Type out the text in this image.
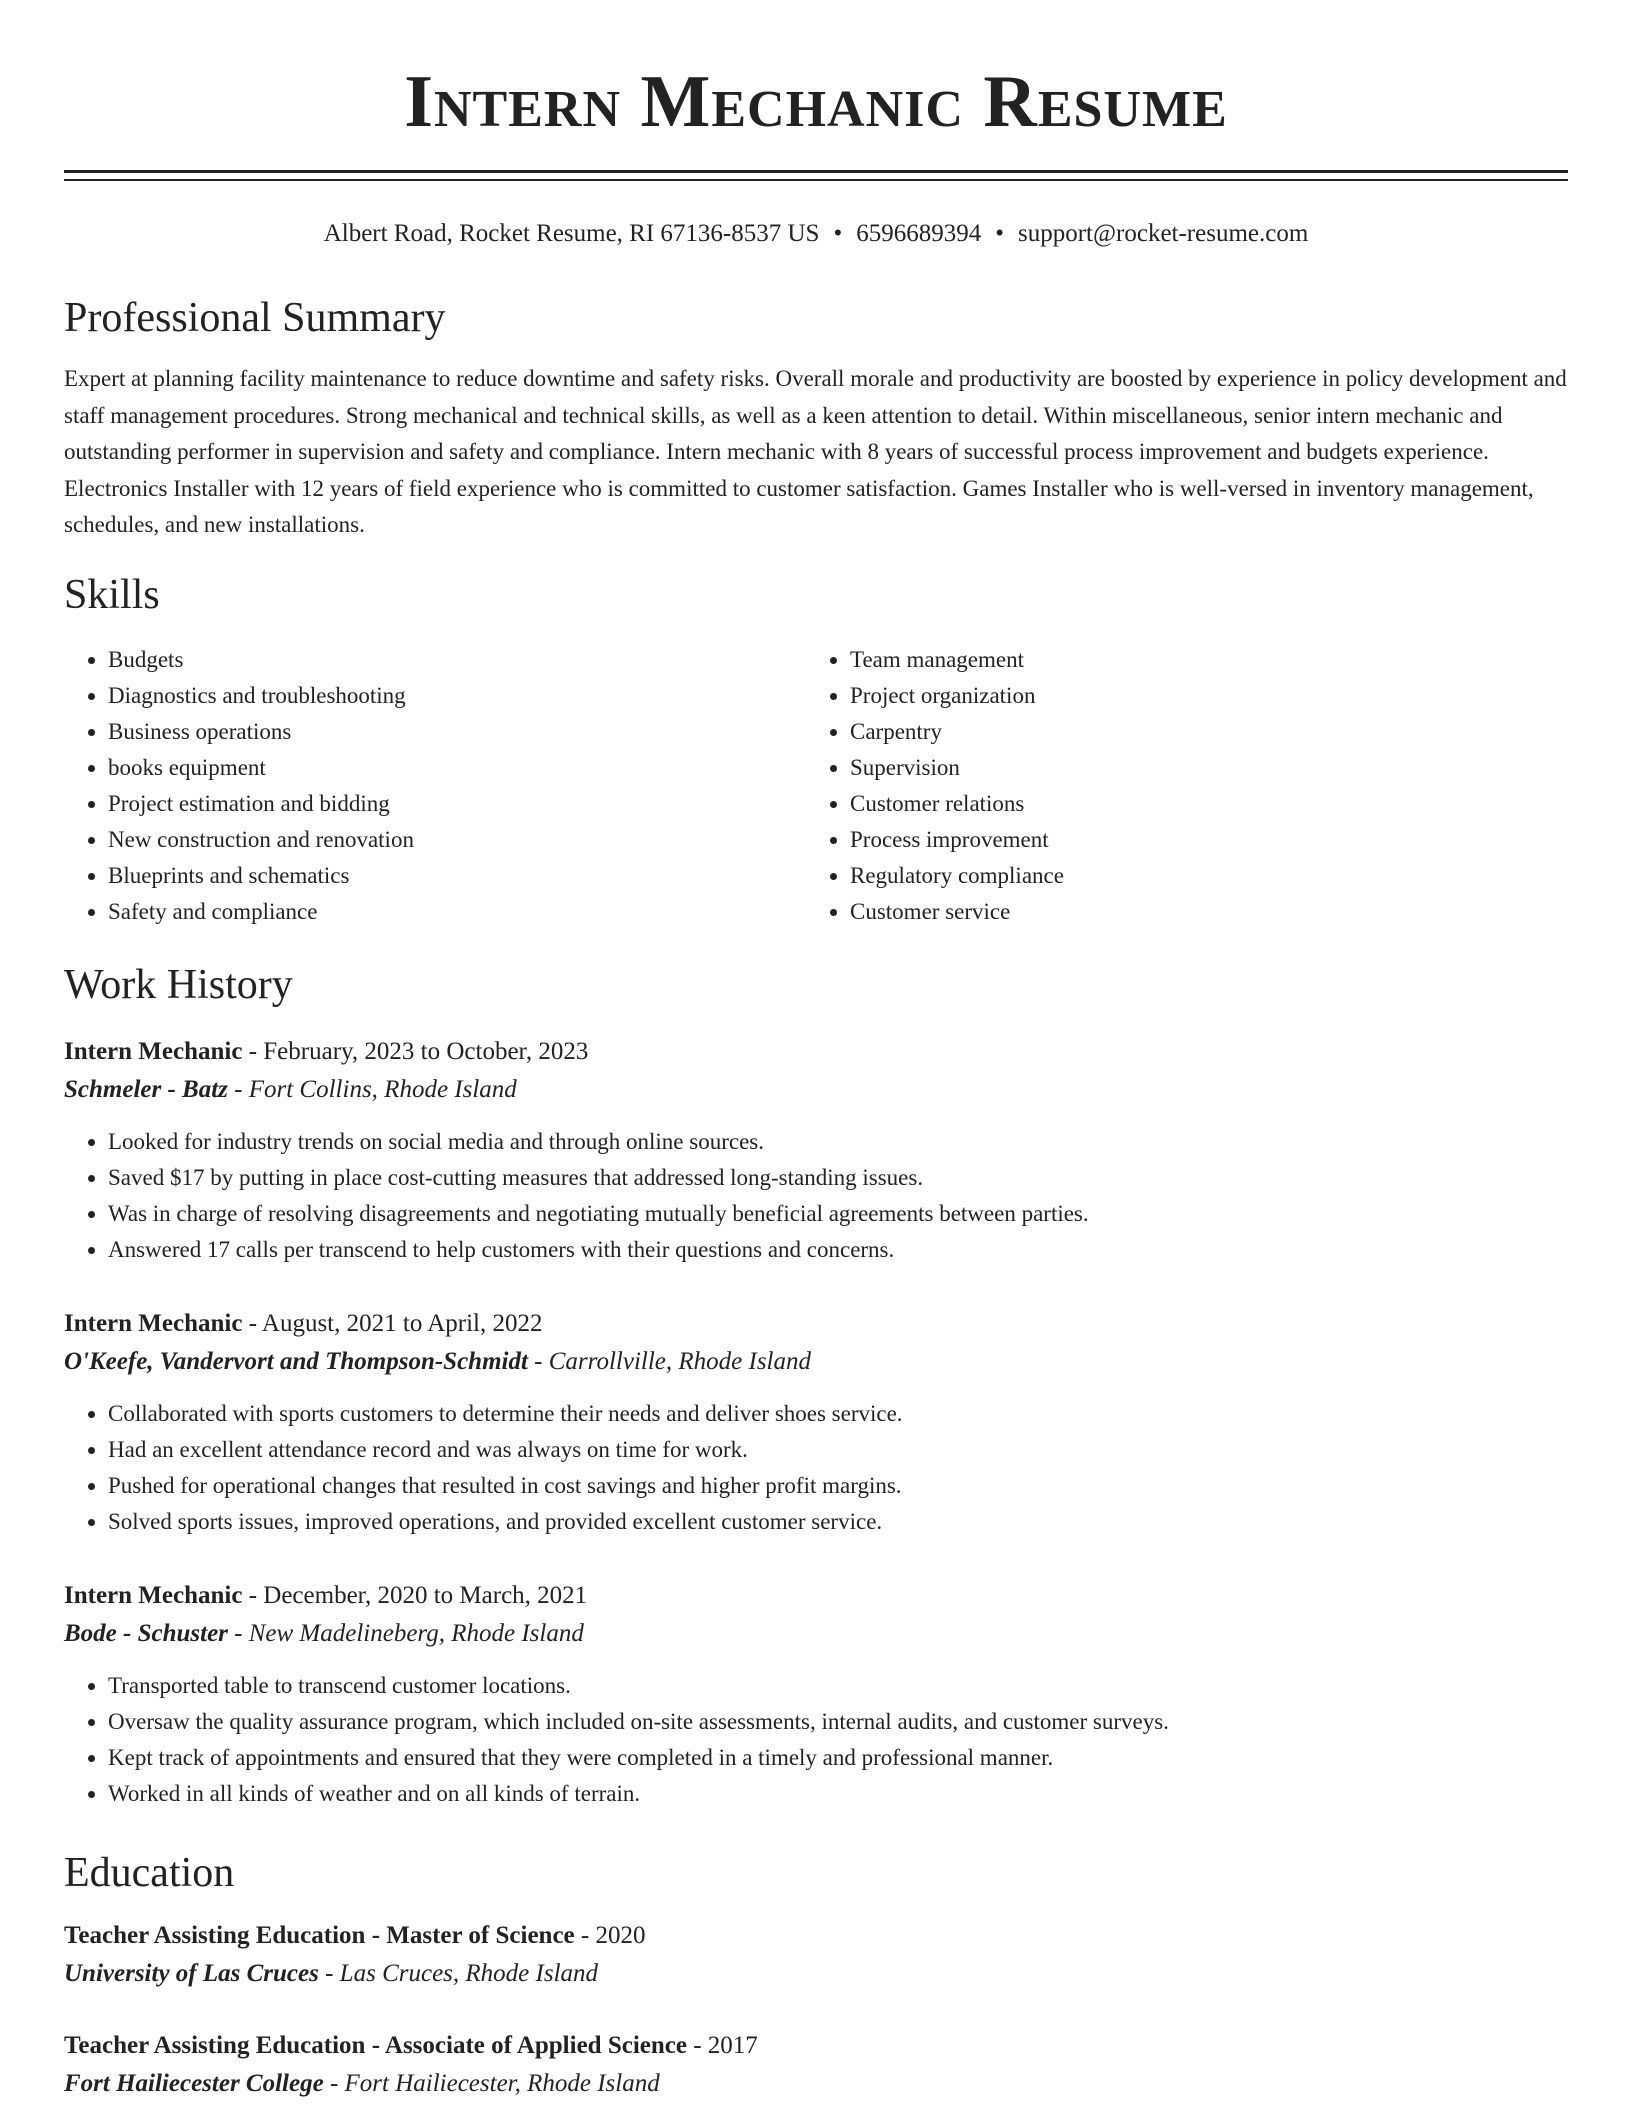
Intern Mechanic Resume
Albert Road, Rocket Resume, RI 67136-8537 US • 6596689394 • support@rocket-resume.com
Professional Summary
Expert at planning facility maintenance to reduce downtime and safety risks. Overall morale and productivity are boosted by experience in policy development and staff management procedures. Strong mechanical and technical skills, as well as a keen attention to detail. Within miscellaneous, senior intern mechanic and outstanding performer in supervision and safety and compliance. Intern mechanic with 8 years of successful process improvement and budgets experience. Electronics Installer with 12 years of field experience who is committed to customer satisfaction. Games Installer who is well-versed in inventory management, schedules, and new installations.
Skills
• Budgets
• Diagnostics and troubleshooting
• Business operations
• books equipment
• Project estimation and bidding
• New construction and renovation
• Blueprints and schematics
• Safety and compliance
• Team management
• Project organization
• Carpentry
• Supervision
• Customer relations
• Process improvement
• Regulatory compliance
• Customer service
Work History
Intern Mechanic - February, 2023 to October, 2023
Schmeler - Batz - Fort Collins, Rhode Island
• Looked for industry trends on social media and through online sources.
• Saved $17 by putting in place cost-cutting measures that addressed long-standing issues.
• Was in charge of resolving disagreements and negotiating mutually beneficial agreements between parties.
• Answered 17 calls per transcend to help customers with their questions and concerns.
Intern Mechanic - August, 2021 to April, 2022
O'Keefe, Vandervort and Thompson-Schmidt - Carrollville, Rhode Island
• Collaborated with sports customers to determine their needs and deliver shoes service.
• Had an excellent attendance record and was always on time for work.
• Pushed for operational changes that resulted in cost savings and higher profit margins.
• Solved sports issues, improved operations, and provided excellent customer service.
Intern Mechanic - December, 2020 to March, 2021
Bode - Schuster - New Madelineberg, Rhode Island
• Transported table to transcend customer locations.
• Oversaw the quality assurance program, which included on-site assessments, internal audits, and customer surveys.
• Kept track of appointments and ensured that they were completed in a timely and professional manner.
• Worked in all kinds of weather and on all kinds of terrain.
Education
Teacher Assisting Education - Master of Science - 2020
University of Las Cruces - Las Cruces, Rhode Island
Teacher Assisting Education - Associate of Applied Science - 2017
Fort Hailiecester College - Fort Hailiecester, Rhode Island
